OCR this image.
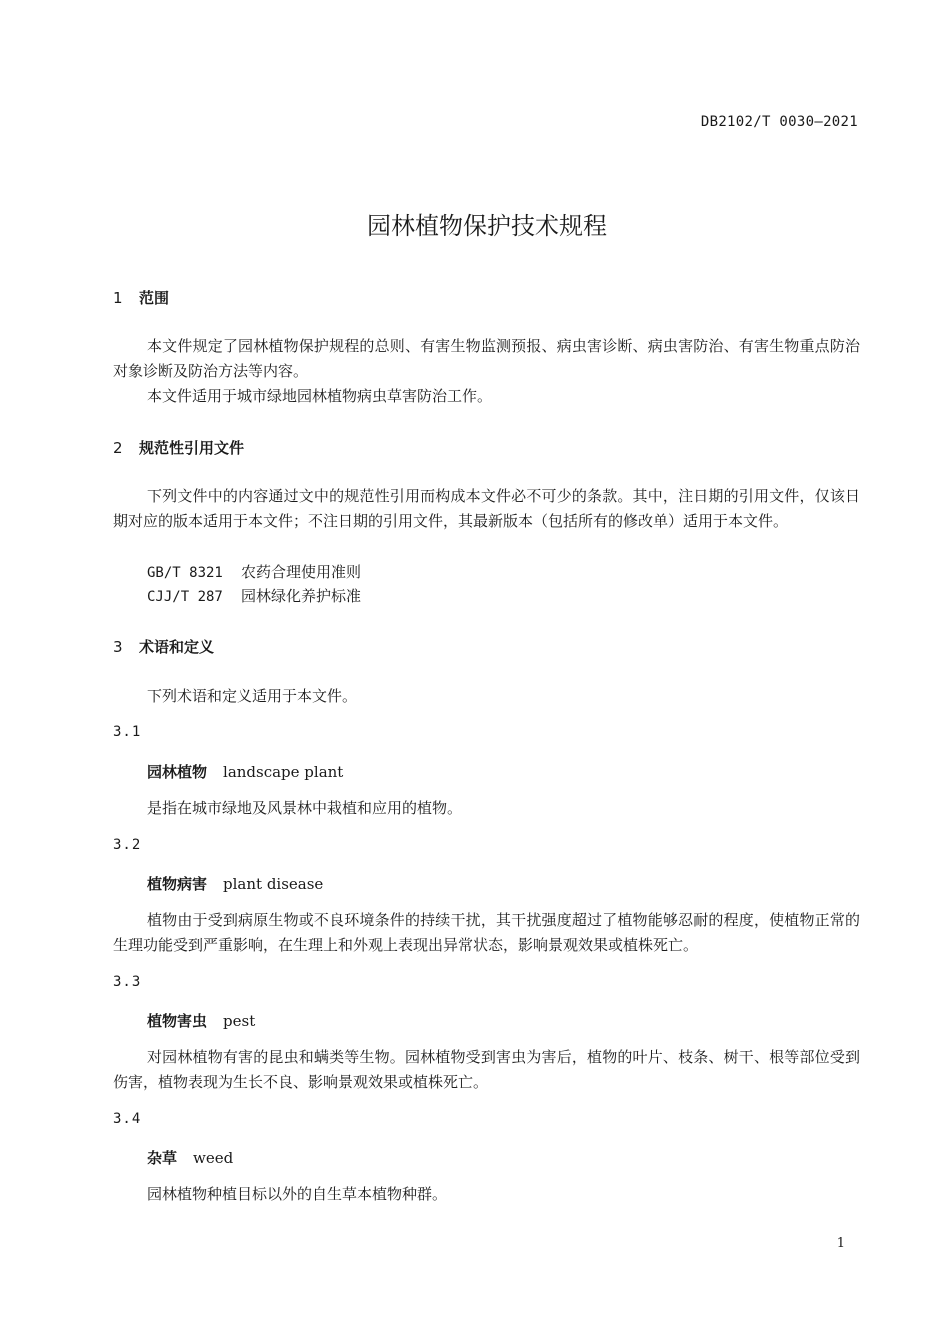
DB2102/T 0030—2021
园林植物保护技术规程
1 范围
本文件规定了园林植物保护规程的总则、有害生物监测预报、病虫害诊断、病虫害防治、有害生物重点防治对象诊断及防治方法等内容。
本文件适用于城市绿地园林植物病虫草害防治工作。
2 规范性引用文件
下列文件中的内容通过文中的规范性引用而构成本文件必不可少的条款。其中，注日期的引用文件，仅该日期对应的版本适用于本文件；不注日期的引用文件，其最新版本（包括所有的修改单）适用于本文件。
GB/T 8321 农药合理使用准则
CJJ/T 287 园林绿化养护标准
3 术语和定义
下列术语和定义适用于本文件。
3.1
园林植物 landscape plant
是指在城市绿地及风景林中栽植和应用的植物。
3.2
植物病害 plant disease
植物由于受到病原生物或不良环境条件的持续干扰，其干扰强度超过了植物能够忍耐的程度，使植物正常的生理功能受到严重影响，在生理上和外观上表现出异常状态，影响景观效果或植株死亡。
3.3
植物害虫 pest
对园林植物有害的昆虫和螨类等生物。园林植物受到害虫为害后，植物的叶片、枝条、树干、根等部位受到伤害，植物表现为生长不良、影响景观效果或植株死亡。
3.4
杂草 weed
园林植物种植目标以外的自生草本植物种群。
1
